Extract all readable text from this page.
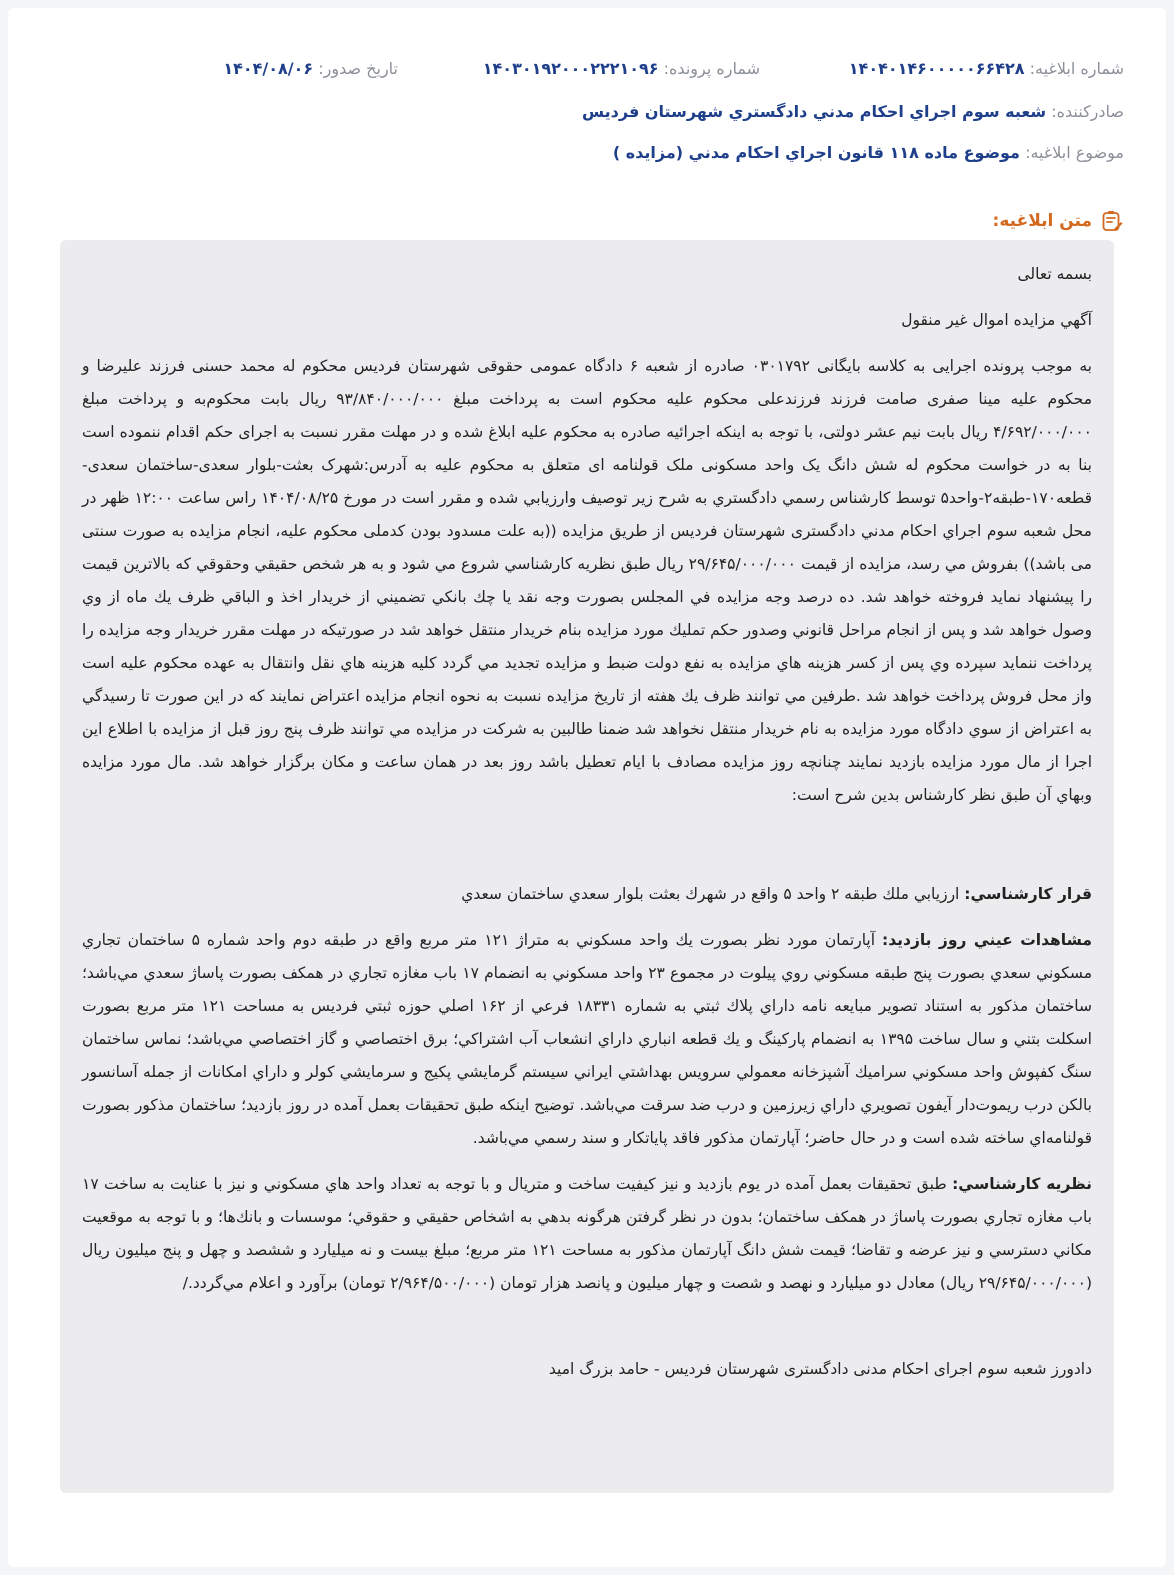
شماره ابلاغيه: ۱۴۰۴۰۱۴۶۰۰۰۰۰۶۶۴۲۸
شماره پرونده: ۱۴۰۳۰۱۹۲۰۰۰۲۲۲۱۰۹۶
تاريخ صدور: ۱۴۰۴/۰۸/۰۶
صادرکننده: شعبه سوم اجراي احكام مدني دادگستري شهرستان فرديس
موضوع ابلاغيه: موضوع ماده ۱۱۸ قانون اجراي احكام مدني (مزايده )
متن ابلاغيه:

بسمه تعالی

آگهي مزايده اموال غير منقول

به موجب پرونده اجرايی به كلاسه بايگانی ۰۳۰۱۷۹۲ صادره از شعبه ۶ دادگاه عمومی حقوقی شهرستان فرديس محكوم له محمد حسنی فرزند عليرضا و محكوم عليه مينا صفری صامت فرزند فرزندعلی محكوم عليه محكوم است به پرداخت مبلغ ۹۳/۸۴۰/۰۰۰/۰۰۰ ريال بابت محكوم‌به و پرداخت مبلغ ۴/۶۹۲/۰۰۰/۰۰۰ ريال بابت نيم عشر دولتی، با توجه به اينكه اجرائيه صادره به محكوم عليه ابلاغ شده و در مهلت مقرر نسبت به اجرای حكم اقدام ننموده است بنا به در خواست محكوم له شش دانگ يک واحد مسكونی ملک قولنامه ای متعلق به محكوم عليه به آدرس:شهرک بعثت-بلوار سعدی-ساختمان سعدی-قطعه۱۷۰-طبقه۲-واحد۵ توسط كارشناس رسمي دادگستري به شرح زير توصيف وارزيابي شده و مقرر است در مورخ ۱۴۰۴/۰۸/۲۵ راس ساعت ۱۲:۰۰ ظهر در محل شعبه سوم اجراي احكام مدني دادگستری شهرستان فرديس از طريق مزايده ((به علت مسدود بودن كدملی محكوم عليه، انجام مزايده به صورت سنتی می باشد)) بفروش مي رسد، مزايده از قيمت ۲۹/۶۴۵/۰۰۰/۰۰۰ ريال طبق نظريه كارشناسي شروع مي شود و به هر شخص حقيقي وحقوقي كه بالاترين قيمت را پيشنهاد نمايد فروخته خواهد شد. ده درصد وجه مزايده في المجلس بصورت وجه نقد يا چك بانكي تضميني از خريدار اخذ و الباقي ظرف يك ماه از وي وصول خواهد شد و پس از انجام مراحل قانوني وصدور حكم تمليك مورد مزايده بنام خريدار منتقل خواهد شد در صورتيكه در مهلت مقرر خريدار وجه مزايده را پرداخت ننمايد سپرده وي پس از كسر هزينه هاي مزايده به نفع دولت ضبط و مزايده تجديد مي گردد كليه هزينه هاي نقل وانتقال به عهده محكوم عليه است واز محل فروش پرداخت خواهد شد .طرفين مي توانند ظرف يك هفته از تاريخ مزايده نسبت به نحوه انجام مزايده اعتراض نمايند كه در اين صورت تا رسيدگي به اعتراض از سوي دادگاه مورد مزايده به نام خريدار منتقل نخواهد شد ضمنا طالبين به شركت در مزايده مي توانند ظرف پنج روز قبل از مزايده با اطلاع اين اجرا از مال مورد مزايده بازديد نمايند چنانچه روز مزايده مصادف با ايام تعطيل باشد روز بعد در همان ساعت و مكان برگزار خواهد شد. مال مورد مزايده وبهاي آن طبق نظر كارشناس بدين شرح است:

قرار كارشناسي: ارزيابي ملك طبقه ۲ واحد ۵ واقع در شهرك بعثت بلوار سعدي ساختمان سعدي

مشاهدات عيني روز بازديد: آپارتمان مورد نظر بصورت يك واحد مسكوني به متراژ ۱۲۱ متر مربع واقع در طبقه دوم واحد شماره ۵ ساختمان تجاري مسكوني سعدي بصورت پنج طبقه مسكوني روي پيلوت در مجموع ۲۳ واحد مسكوني به انضمام ۱۷ باب مغازه تجاري در همكف بصورت پاساژ سعدي مي‌باشد؛ ساختمان مذكور به استناد تصوير مبايعه نامه داراي پلاك ثبتي به شماره ۱۸۳۳۱ فرعي از ۱۶۲ اصلي حوزه ثبتي فرديس به مساحت ۱۲۱ متر مربع بصورت اسكلت بتني و سال ساخت ۱۳۹۵ به انضمام پاركينگ و يك قطعه انباري داراي انشعاب آب اشتراكي؛ برق اختصاصي و گاز اختصاصي مي‌باشد؛ نماس ساختمان سنگ كفپوش واحد مسكوني سراميك آشپزخانه معمولي سرويس بهداشتي ايراني سيستم گرمايشي پكيج و سرمايشي كولر و داراي امكانات از جمله آسانسور بالكن درب ريموت‌دار آيفون تصويري داراي زيرزمين و درب ضد سرقت مي‌باشد. توضيح اينكه طبق تحقيقات بعمل آمده در روز بازديد؛ ساختمان مذكور بصورت قولنامه‌اي ساخته شده است و در حال حاضر؛ آپارتمان مذكور فاقد پاياتكار و سند رسمي مي‌باشد.

نظريه كارشناسي: طبق تحقيقات بعمل آمده در يوم بازديد و نيز كيفيت ساخت و متريال و با توجه به تعداد واحد هاي مسكوني و نيز با عنايت به ساخت ۱۷ باب مغازه تجاري بصورت پاساژ در همكف ساختمان؛ بدون در نظر گرفتن هرگونه بدهي به اشخاص حقيقي و حقوقي؛ موسسات و بانك‌ها؛ و با توجه به موقعيت مكاني دسترسي و نيز عرضه و تقاضا؛ قيمت شش دانگ آپارتمان مذكور به مساحت ۱۲۱ متر مربع؛ مبلغ بيست و نه ميليارد و ششصد و چهل و پنج ميليون ريال (۲۹/۶۴۵/۰۰۰/۰۰۰ ريال) معادل دو ميليارد و نهصد و شصت و چهار ميليون و پانصد هزار تومان (۲/۹۶۴/۵۰۰/۰۰۰ تومان) برآورد و اعلام مي‌گردد./

دادورز شعبه سوم اجرای احكام مدنی دادگستری شهرستان فرديس - حامد بزرگ اميد
